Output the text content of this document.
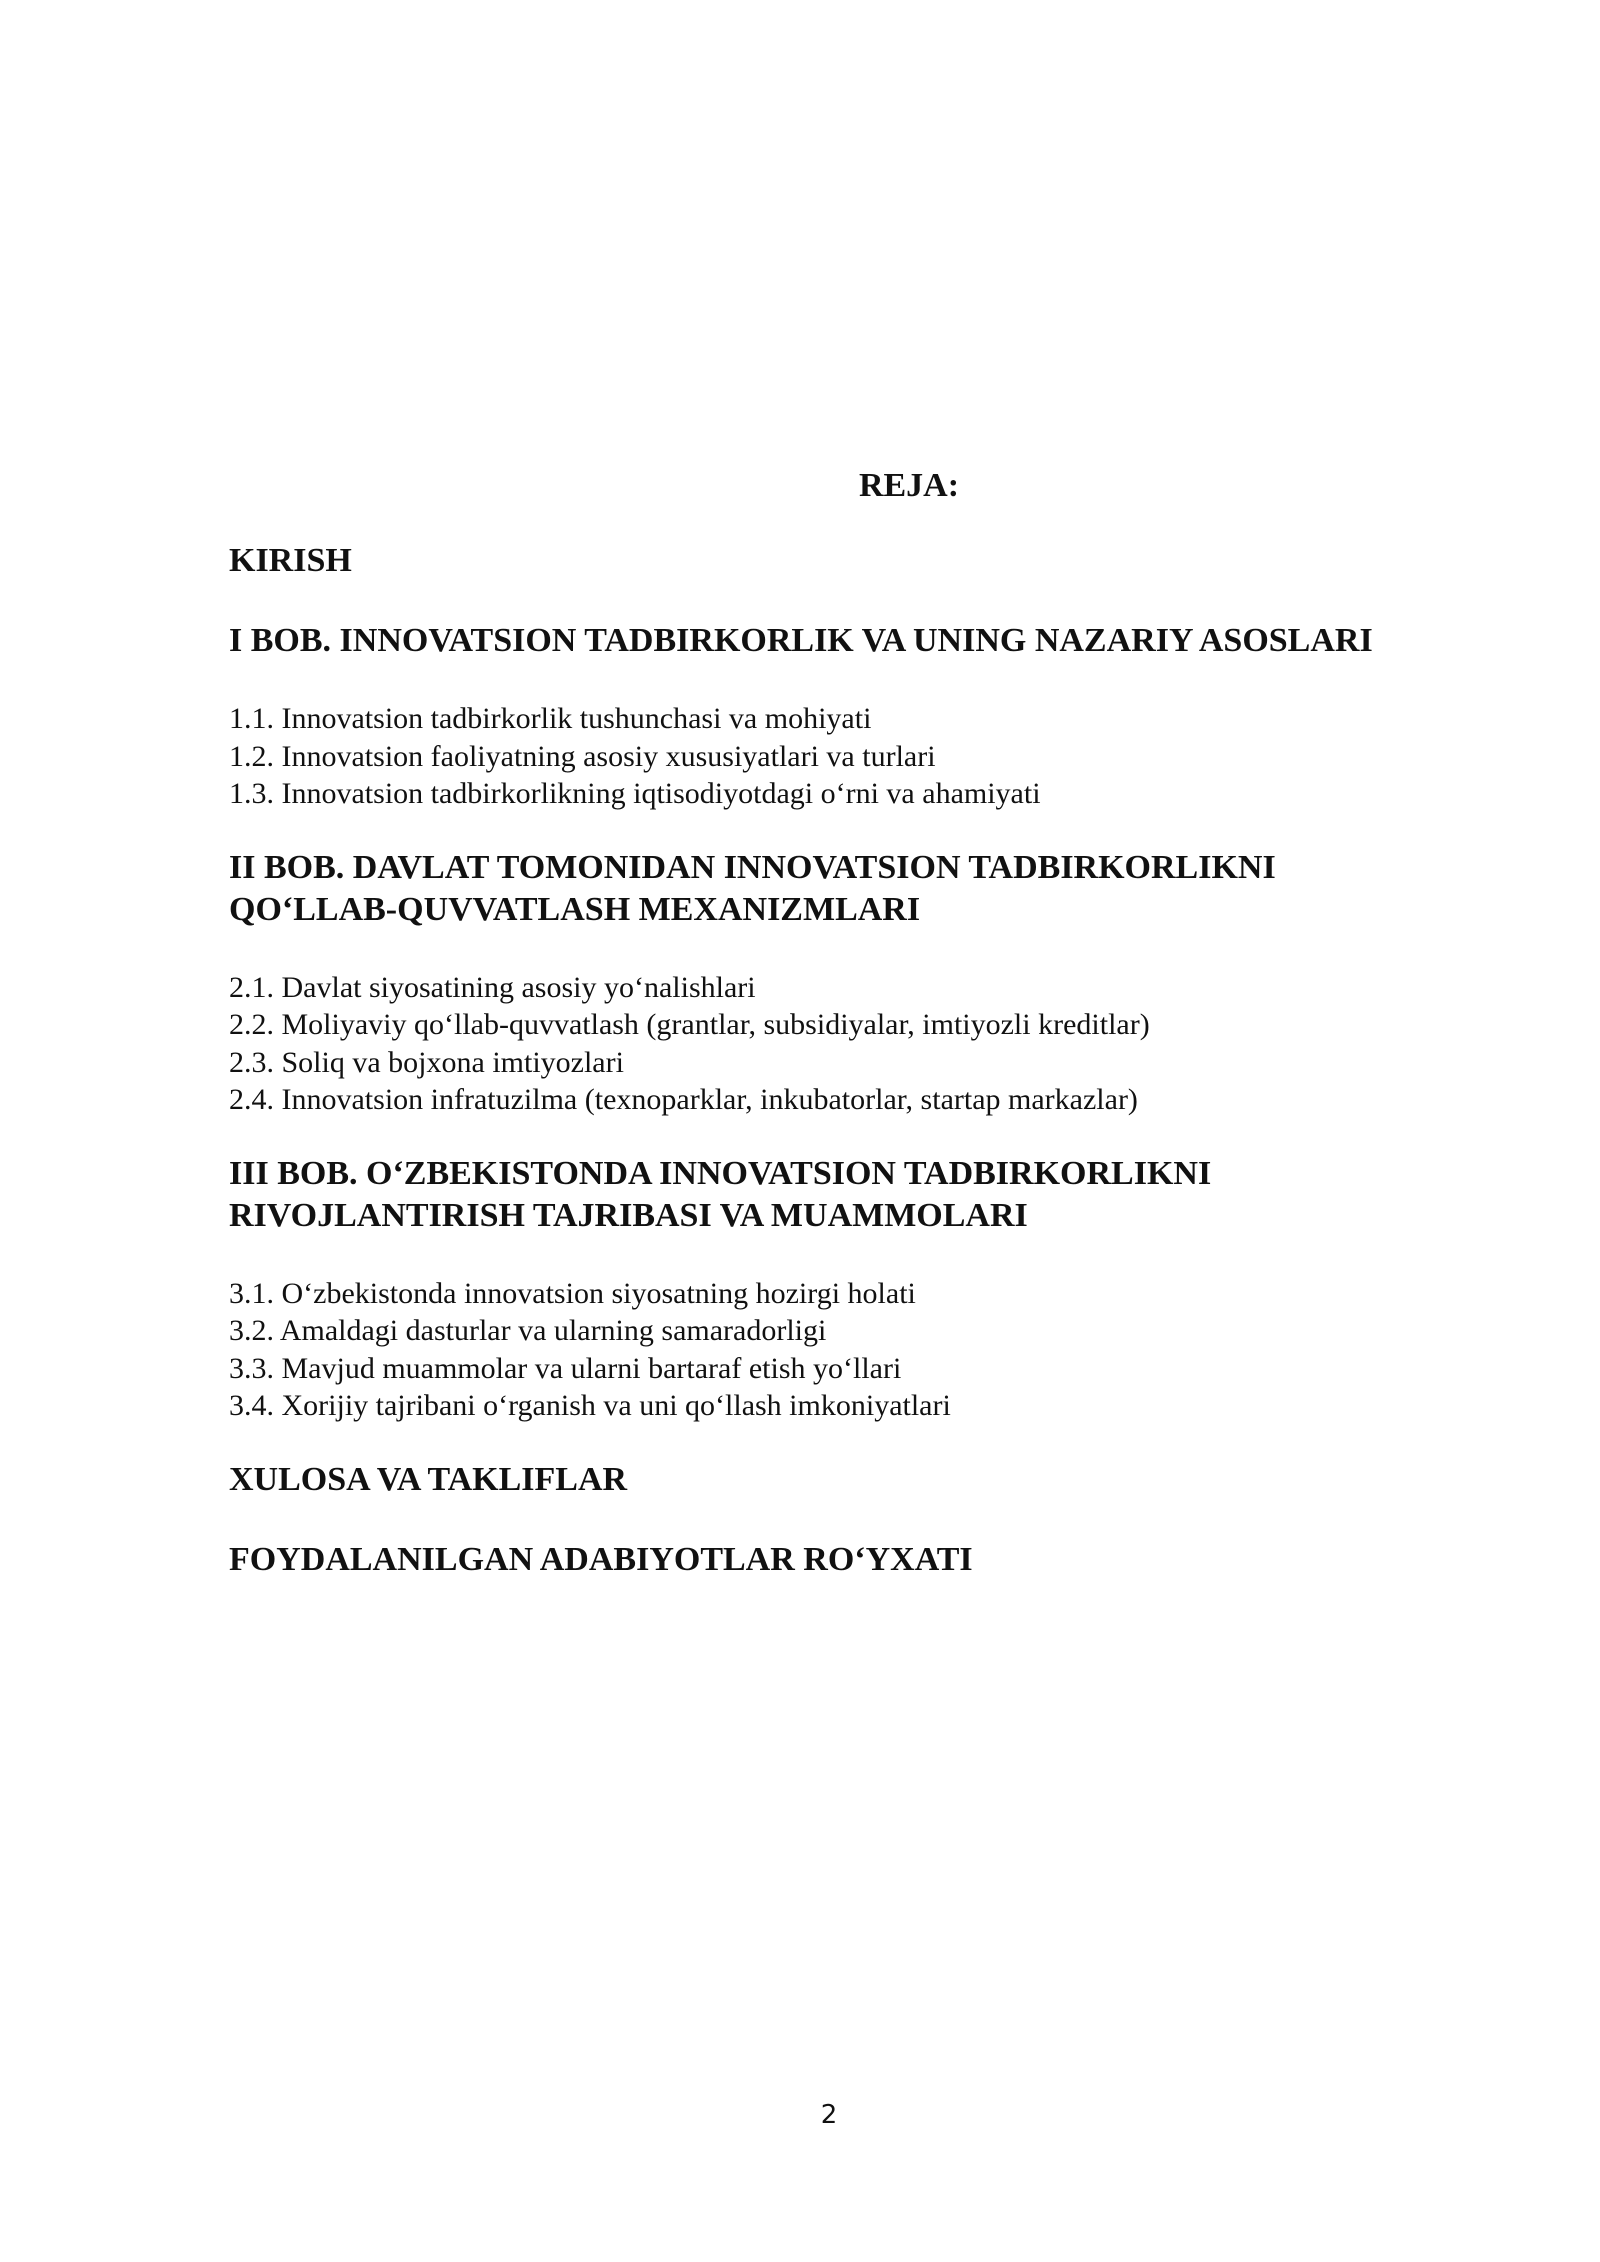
REJA:
KIRISH
I BOB. INNOVATSION TADBIRKORLIK VA UNING NAZARIY ASOSLARI
1.1. Innovatsion tadbirkorlik tushunchasi va mohiyati
1.2. Innovatsion faoliyatning asosiy xususiyatlari va turlari
1.3. Innovatsion tadbirkorlikning iqtisodiyotdagi o‘rni va ahamiyati
II BOB. DAVLAT TOMONIDAN INNOVATSION TADBIRKORLIKNI
QO‘LLAB-QUVVATLASH MEXANIZMLARI
2.1. Davlat siyosatining asosiy yo‘nalishlari
2.2. Moliyaviy qo‘llab-quvvatlash (grantlar, subsidiyalar, imtiyozli kreditlar)
2.3. Soliq va bojxona imtiyozlari
2.4. Innovatsion infratuzilma (texnoparklar, inkubatorlar, startap markazlar)
III BOB. O‘ZBEKISTONDA INNOVATSION TADBIRKORLIKNI
RIVOJLANTIRISH TAJRIBASI VA MUAMMOLARI
3.1. O‘zbekistonda innovatsion siyosatning hozirgi holati
3.2. Amaldagi dasturlar va ularning samaradorligi
3.3. Mavjud muammolar va ularni bartaraf etish yo‘llari
3.4. Xorijiy tajribani o‘rganish va uni qo‘llash imkoniyatlari
XULOSA VA TAKLIFLAR
FOYDALANILGAN ADABIYOTLAR RO‘YXATI
2
